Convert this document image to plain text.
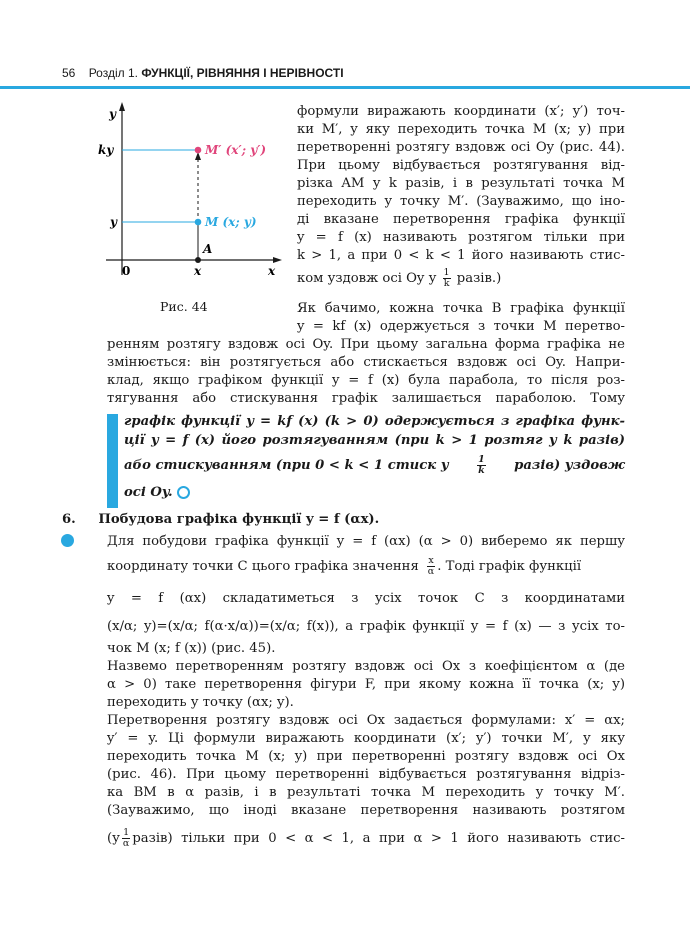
56 Розділ 1. ФУНКЦІЇ, РІВНЯННЯ І НЕРІВНОСТІ
y
ky
y
0	x	x
A
M (x; y)
M′ (x′; y′)
Рис. 44
формули виражають координати (x′; y′) точ-
ки M′, у яку переходить точка M (x; y) при
перетворенні розтягу вздовж осі Oy (рис. 44).
При цьому відбувається розтягування від-
різка AM у k разів, і в результаті точка M
переходить у точку M′. (Зауважимо, що іно-
ді вказане перетворення графіка функції
y = f (x) називають розтягом тільки при
k > 1, а при 0 < k < 1 його називають стис-
ком уздовж осі Oy у $\frac{1}{k}$ разів.)
Як бачимо, кожна точка B графіка функції
y = kf (x) одержується з точки M перетво-
ренням розтягу вздовж осі Oy. При цьому загальна форма графіка не
змінюється: він розтягується або стискається вздовж осі Oy. Напри-
клад, якщо графіком функції y = f (x) була парабола, то після роз-
тягування або стискування графік залишається параболою. Тому
графік функції y = kf (x) (k > 0) одержується з графіка функ-
ції y = f (x) його розтягуванням (при k > 1 розтяг у k разів)
або стискуванням (при 0 < k < 1 стиск у	$\frac{1}{k}$ разів) уздовж
осі Oy.
6. Побудова графіка функції y = f (αx).
Для побудови графіка функції y = f (αx) (α > 0) виберемо як першу
координату точки C цього графіка значення $\frac{x}{\alpha}$ . Тоді графік функції
y = f (αx) складатиметься з усіх точок C з координатами
(x/α; y)=(x/α; f(α·x/α))=(x/α; f(x)), а графік функції y = f (x) — з усіх то-
чок M (x; f (x)) (рис. 45).
Назвемо перетворенням розтягу вздовж осі Ox з коефіцієнтом α (де
α > 0) таке перетворення фігури F, при якому кожна її точка (x; y)
переходить у точку (αx; y).
Перетворення розтягу вздовж осі Ox задається формулами: x′ = αx;
y′ = y. Ці формули виражають координати (x′; y′) точки M′, у яку
переходить точка M (x; y) при перетворенні розтягу вздовж осі Ox
(рис. 46). При цьому перетворенні відбувається розтягування відріз-
ка BM в α разів, і в результаті точка M переходить у точку M′.
(Зауважимо, що іноді вказане перетворення називають розтягом
($у \frac{1}{\alpha}$ разів) тільки при 0 < α < 1, а при α > 1 його називають стис-
